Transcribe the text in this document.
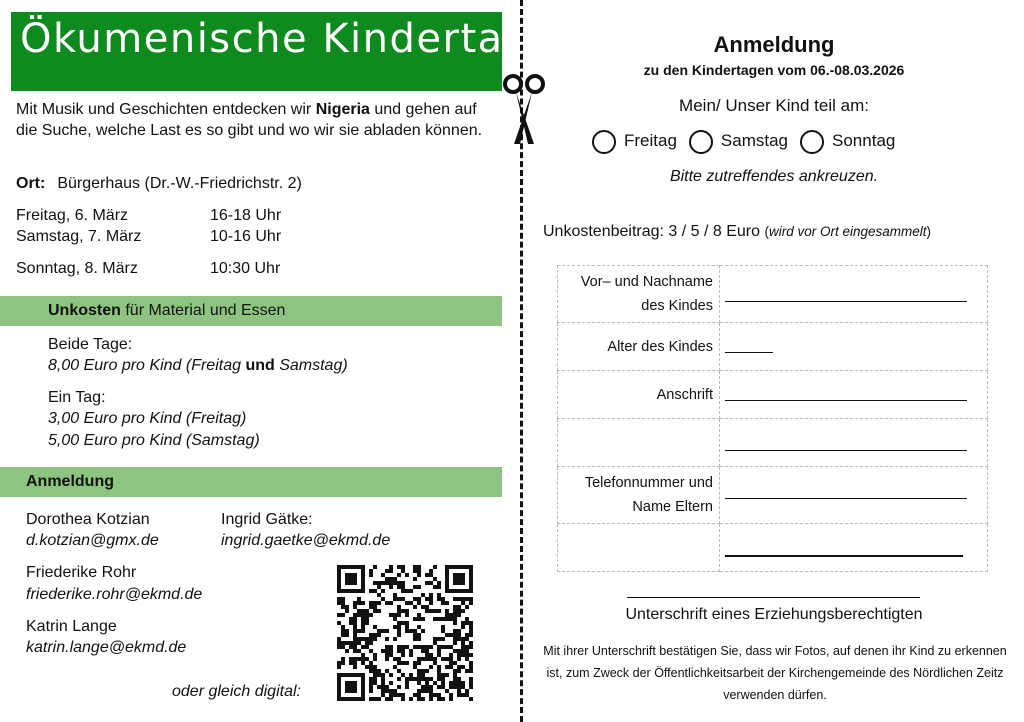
Ökumenische Kindertage
Mit Musik und Geschichten entdecken wir Nigeria und gehen auf die Suche, welche Last es so gibt und wo wir sie abladen können.
Ort: Bürgerhaus (Dr.-W.-Friedrichstr. 2)
Freitag, 6. März	16-18 Uhr
Samstag, 7. März	10-16 Uhr
Sonntag, 8. März	10:30 Uhr
Unkosten für Material und Essen
Beide Tage:
8,00 Euro pro Kind (Freitag und Samstag)
Ein Tag:
3,00 Euro pro Kind (Freitag)
5,00 Euro pro Kind (Samstag)
Anmeldung
Dorothea Kotzian
d.kotzian@gmx.de
Ingrid Gätke:
ingrid.gaetke@ekmd.de
Friederike Rohr
friederike.rohr@ekmd.de
Katrin Lange
katrin.lange@ekmd.de
oder gleich digital:
Anmeldung
zu den Kindertagen vom 06.-08.03.2026
Mein/ Unser Kind teil am:
Freitag	Samstag	Sonntag
Bitte zutreffendes ankreuzen.
Unkostenbeitrag: 3 / 5 / 8 Euro (wird vor Ort eingesammelt)
Vor– und Nachname
des Kindes	

Alter des Kindes	

Anschrift	

Telefonnummer und
Name Eltern	

Unterschrift eines Erziehungsberechtigten
Mit ihrer Unterschrift bestätigen Sie, dass wir Fotos, auf denen ihr Kind zu erkennen ist, zum Zweck der Öffentlichkeitsarbeit der Kirchengemeinde des Nördlichen Zeitz verwenden dürfen.
